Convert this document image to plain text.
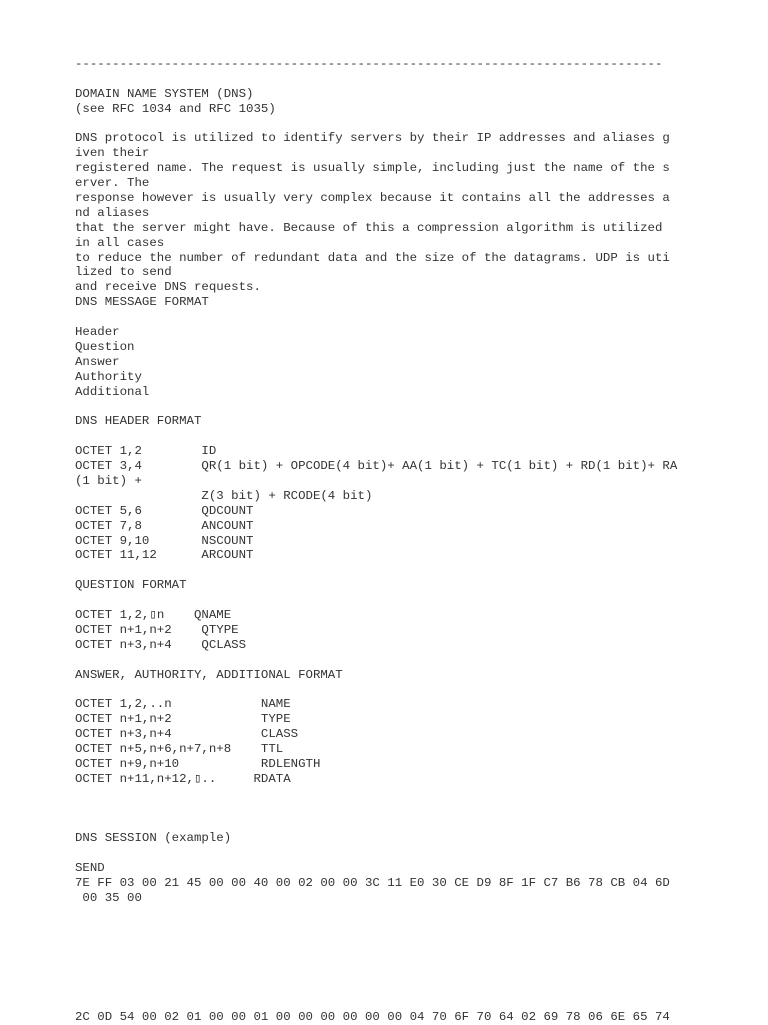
-------------------------------------------------------------------------------
DOMAIN NAME SYSTEM (DNS)
(see RFC 1034 and RFC 1035)
DNS protocol is utilized to identify servers by their IP addresses and aliases g
iven their
registered name. The request is usually simple, including just the name of the s
erver. The
response however is usually very complex because it contains all the addresses a
nd aliases
that the server might have. Because of this a compression algorithm is utilized
in all cases
to reduce the number of redundant data and the size of the datagrams. UDP is uti
lized to send
and receive DNS requests.
DNS MESSAGE FORMAT
Header
Question
Answer
Authority
Additional
DNS HEADER FORMAT
OCTET 1,2        ID
OCTET 3,4        QR(1 bit) + OPCODE(4 bit)+ AA(1 bit) + TC(1 bit) + RD(1 bit)+ RA
(1 bit) +
Z(3 bit) + RCODE(4 bit)
OCTET 5,6        QDCOUNT
OCTET 7,8        ANCOUNT
OCTET 9,10       NSCOUNT
OCTET 11,12      ARCOUNT
QUESTION FORMAT
OCTET 1,2,▯n    QNAME
OCTET n+1,n+2    QTYPE
OCTET n+3,n+4    QCLASS
ANSWER, AUTHORITY, ADDITIONAL FORMAT
OCTET 1,2,..n            NAME
OCTET n+1,n+2            TYPE
OCTET n+3,n+4            CLASS
OCTET n+5,n+6,n+7,n+8    TTL
OCTET n+9,n+10           RDLENGTH
OCTET n+11,n+12,▯..     RDATA
DNS SESSION (example)
SEND
7E FF 03 00 21 45 00 00 40 00 02 00 00 3C 11 E0 30 CE D9 8F 1F C7 B6 78 CB 04 6D
00 35 00
2C 0D 54 00 02 01 00 00 01 00 00 00 00 00 00 04 70 6F 70 64 02 69 78 06 6E 65 74
